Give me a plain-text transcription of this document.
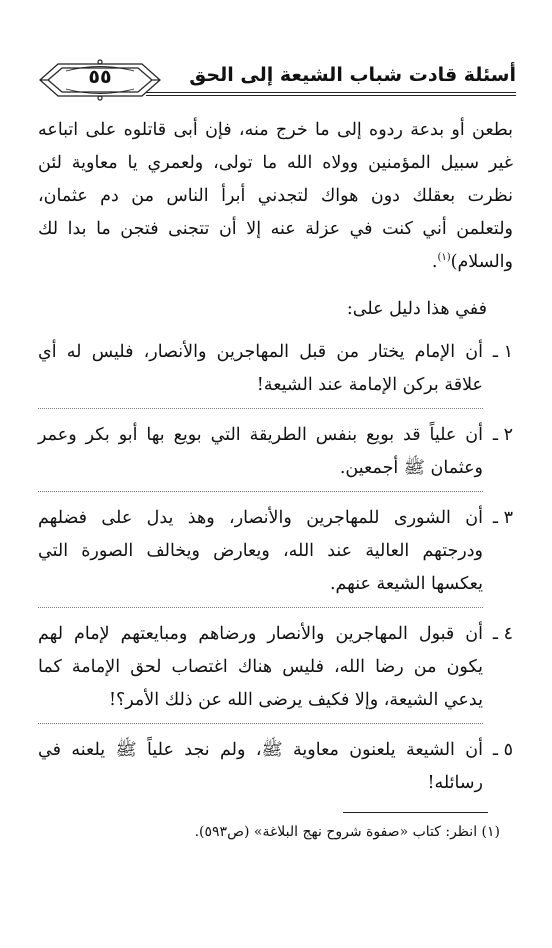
٥٥	أسئلة قادت شباب الشيعة إلى الحق

بطعن أو بدعة ردوه إلى ما خرج منه، فإن أبى قاتلوه على اتباعه غير سبيل المؤمنين وولاه الله ما تولى، ولعمري يا معاوية لئن نظرت بعقلك دون هواك لتجدني أبرأ الناس من دم عثمان، ولتعلمن أني كنت في عزلة عنه إلا أن تتجنى فتجن ما بدا لك والسلام)$^{(١)}$.

ففي هذا دليل على:

١ ـ
أن الإمام يختار من قبل المهاجرين والأنصار، فليس له أي علاقة بركن الإمامة عند الشيعة!
٢ ـ
أن علياً قد بويع بنفس الطريقة التي بويع بها أبو بكر وعمر وعثمان ﷺ أجمعين.
٣ ـ
أن الشورى للمهاجرين والأنصار، وهذ يدل على فضلهم ودرجتهم العالية عند الله، ويعارض ويخالف الصورة التي يعكسها الشيعة عنهم.
٤ ـ
أن قبول المهاجرين والأنصار ورضاهم ومبايعتهم لإمام لهم يكون من رضا الله، فليس هناك اغتصاب لحق الإمامة كما يدعي الشيعة، وإلا فكيف يرضى الله عن ذلك الأمر؟!
٥ ـ
أن الشيعة يلعنون معاوية ﷺ، ولم نجد علياً ﷺ يلعنه في رسائله!
(١) انظر: كتاب «صفوة شروح نهج البلاغة» (ص٥٩٣).
